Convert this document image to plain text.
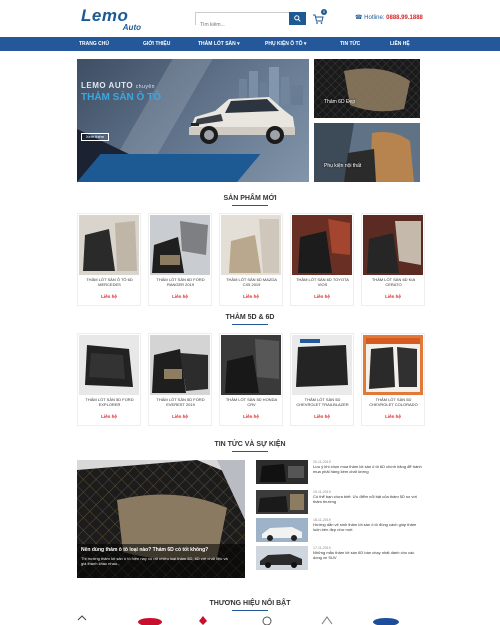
Lemo
Auto
Tìm kiếm...
0
☎ Hotline: 0888.99.1888
TRANG CHỦ	GIỚI THIỆU	THẢM LÓT SÀN ▾	PHỤ KIỆN Ô TÔ ▾	TIN TỨC	LIÊN HỆ
LEMO AUTO chuyên
THẢM SÀN Ô TÔ
Xem thêm
Thảm 6D Đẹp
Phụ kiện nội thất
SẢN PHẨM MỚI
THẢM LÓT SÀN Ô TÔ 6D MERCEDES
Liên hệ
THẢM LÓT SÀN 6D FORD RANGER 2019
Liên hệ
THẢM LÓT SÀN 6D MAZDA CX5 2019
Liên hệ
THẢM LÓT SÀN 6D TOYOTA VIOS
Liên hệ
THẢM LÓT SÀN 6D KIA CERATO
Liên hệ
THẢM 5D & 6D
THẢM LÓT SÀN 5D FORD EXPLORER
Liên hệ
THẢM LÓT SÀN 5D FORD EVEREST 2019
Liên hệ
THẢM LÓT SÀN 5D HONDA CRV
Liên hệ
THẢM LÓT SÀN 5D CHEVROLET TRAILBLAZER
Liên hệ
THẢM LÓT SÀN 5D CHEVROLET COLORADO
Liên hệ
TIN TỨC VÀ SỰ KIỆN
Nên dùng thảm ô tô loại nào? Thảm 6D có tốt không?
Thị trường thảm lót sàn ô tô hiện nay có rất nhiều loại thảm 5D, 6D với chất liệu và giá thành khác nhau...
20-11-2019
Lưu ý khi chọn mua thảm lót sàn ô tô 6D chính hãng để tránh mua phải hàng kém chất lượng
19-11-2019
Có thể bạn chưa biết: Ưu điểm nổi bật của thảm 5D so với thảm thường
18-11-2019
Hướng dẫn vệ sinh thảm lót sàn ô tô đúng cách giúp thảm luôn bền đẹp như mới
17-11-2019
Những mẫu thảm lót sàn 6D bán chạy nhất dành cho các dòng xe SUV
THƯƠNG HIỆU NỔI BẬT
